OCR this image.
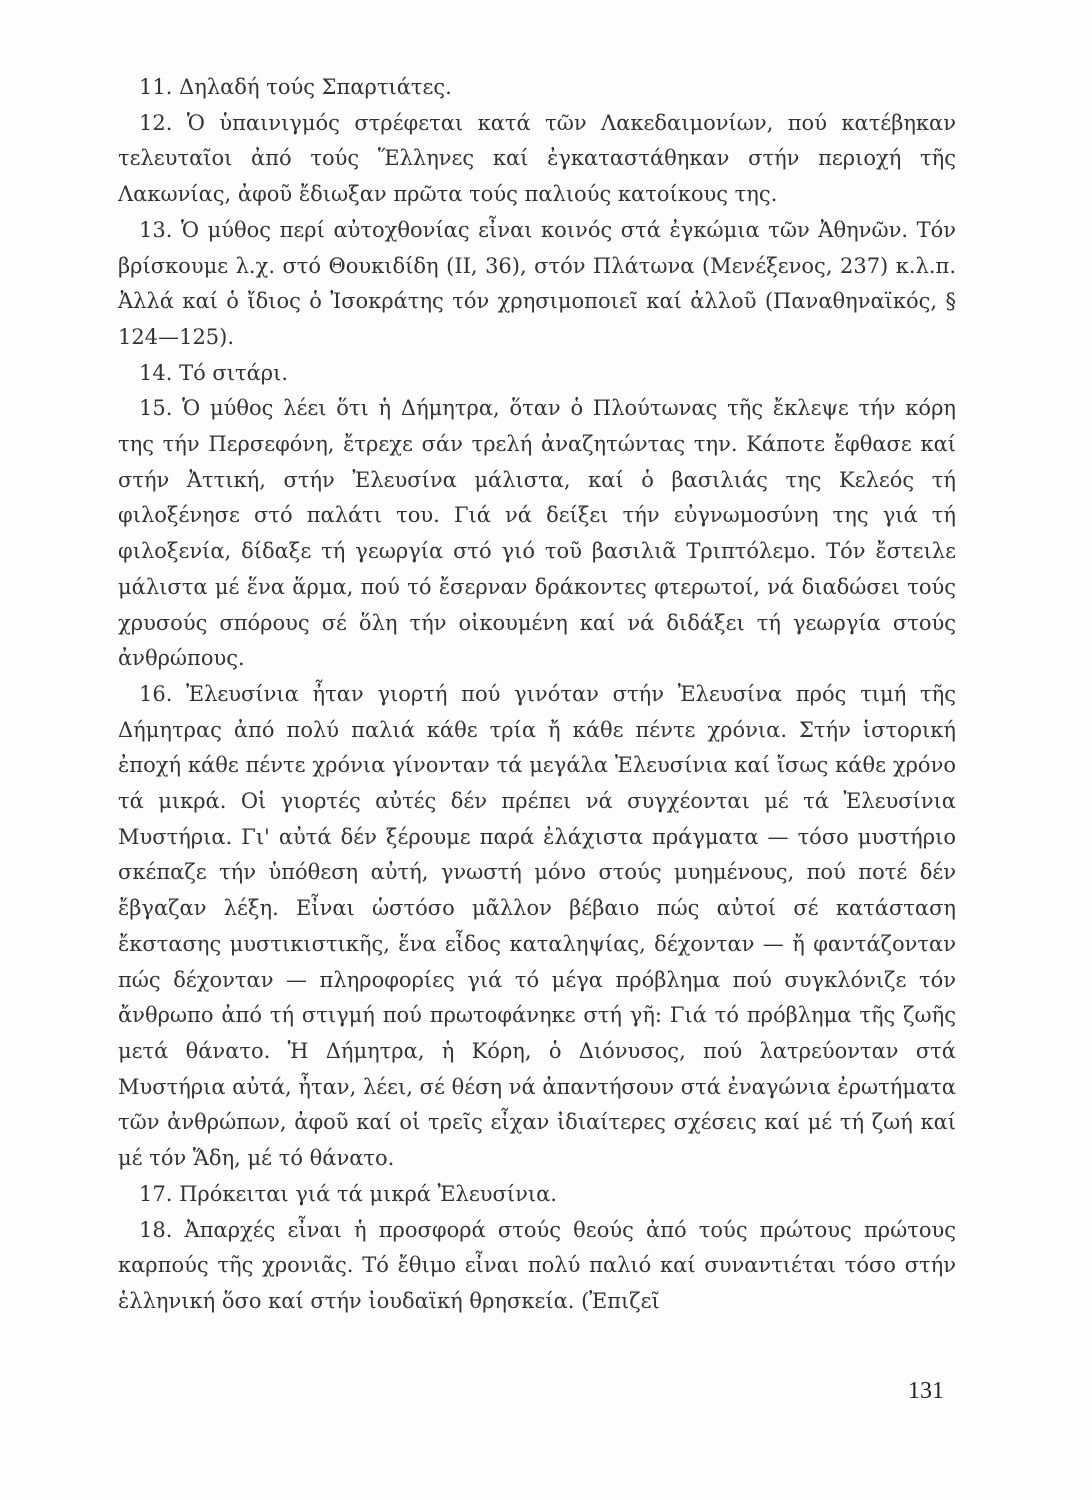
11. Δηλαδή τούς Σπαρτιάτες.

12. Ὁ ὑπαινιγμός στρέφεται κατά τῶν Λακεδαιμονίων, πού κατέβηκαν τελευταῖοι ἀπό τούς Ἕλληνες καί ἐγκαταστάθηκαν στήν περιοχή τῆς Λακωνίας, ἀφοῦ ἔδιωξαν πρῶτα τούς παλιούς κατοίκους της.

13. Ὁ μύθος περί αὐτοχθονίας εἶναι κοινός στά ἐγκώμια τῶν Ἀθηνῶν. Τόν βρίσκουμε λ.χ. στό Θουκιδίδη (II, 36), στόν Πλάτωνα (Μενέξενος, 237) κ.λ.π. Ἀλλά καί ὁ ἴδιος ὁ Ἰσοκράτης τόν χρησιμοποιεῖ καί ἀλλοῦ (Παναθηναϊκός, § 124—125).

14. Τό σιτάρι.

15. Ὁ μύθος λέει ὅτι ἡ Δήμητρα, ὅταν ὁ Πλούτωνας τῆς ἔκλεψε τήν κόρη της τήν Περσεφόνη, ἔτρεχε σάν τρελή ἀναζητώντας την. Κάποτε ἔφθασε καί στήν Ἀττική, στήν Ἐλευσίνα μάλιστα, καί ὁ βασιλιάς της Κελεός τή φιλοξένησε στό παλάτι του. Γιά νά δείξει τήν εὐγνωμοσύνη της γιά τή φιλοξενία, δίδαξε τή γεωργία στό γιό τοῦ βασιλιᾶ Τριπτόλεμο. Τόν ἔστειλε μάλιστα μέ ἕνα ἅρμα, πού τό ἔσερναν δράκοντες φτερωτοί, νά διαδώσει τούς χρυσούς σπόρους σέ ὅλη τήν οἰκουμένη καί νά διδάξει τή γεωργία στούς ἀνθρώπους.

16. Ἐλευσίνια ἦταν γιορτή πού γινόταν στήν Ἐλευσίνα πρός τιμή τῆς Δήμητρας ἀπό πολύ παλιά κάθε τρία ἤ κάθε πέντε χρόνια. Στήν ἱστορική ἐποχή κάθε πέντε χρόνια γίνονταν τά μεγάλα Ἐλευσίνια καί ἴσως κάθε χρόνο τά μικρά. Οἱ γιορτές αὐτές δέν πρέπει νά συγχέονται μέ τά Ἐλευσίνια Μυστήρια. Γι' αὐτά δέν ξέρουμε παρά ἐλάχιστα πράγματα — τόσο μυστήριο σκέπαζε τήν ὑπόθεση αὐτή, γνωστή μόνο στούς μυημένους, πού ποτέ δέν ἔβγαζαν λέξη. Εἶναι ὡστόσο μᾶλλον βέβαιο πώς αὐτοί σέ κατάσταση ἔκστασης μυστικιστικῆς, ἕνα εἶδος καταληψίας, δέχονταν — ἤ φαντάζονταν πώς δέχονταν — πληροφορίες γιά τό μέγα πρόβλημα πού συγκλόνιζε τόν ἄνθρωπο ἀπό τή στιγμή πού πρωτοφάνηκε στή γῆ: Γιά τό πρόβλημα τῆς ζωῆς μετά θάνατο. Ἡ Δήμητρα, ἡ Κόρη, ὁ Διόνυσος, πού λατρεύονταν στά Μυστήρια αὐτά, ἦταν, λέει, σέ θέση νά ἀπαντήσουν στά ἐναγώνια ἐρωτήματα τῶν ἀνθρώπων, ἀφοῦ καί οἱ τρεῖς εἶχαν ἰδιαίτερες σχέσεις καί μέ τή ζωή καί μέ τόν Ἅδη, μέ τό θάνατο.

17. Πρόκειται γιά τά μικρά Ἐλευσίνια.

18. Ἀπαρχές εἶναι ἡ προσφορά στούς θεούς ἀπό τούς πρώτους πρώτους καρπούς τῆς χρονιᾶς. Τό ἔθιμο εἶναι πολύ παλιό καί συναντιέται τόσο στήν ἑλληνική ὅσο καί στήν ἰουδαϊκή θρησκεία. (Ἐπιζεῖ

131
